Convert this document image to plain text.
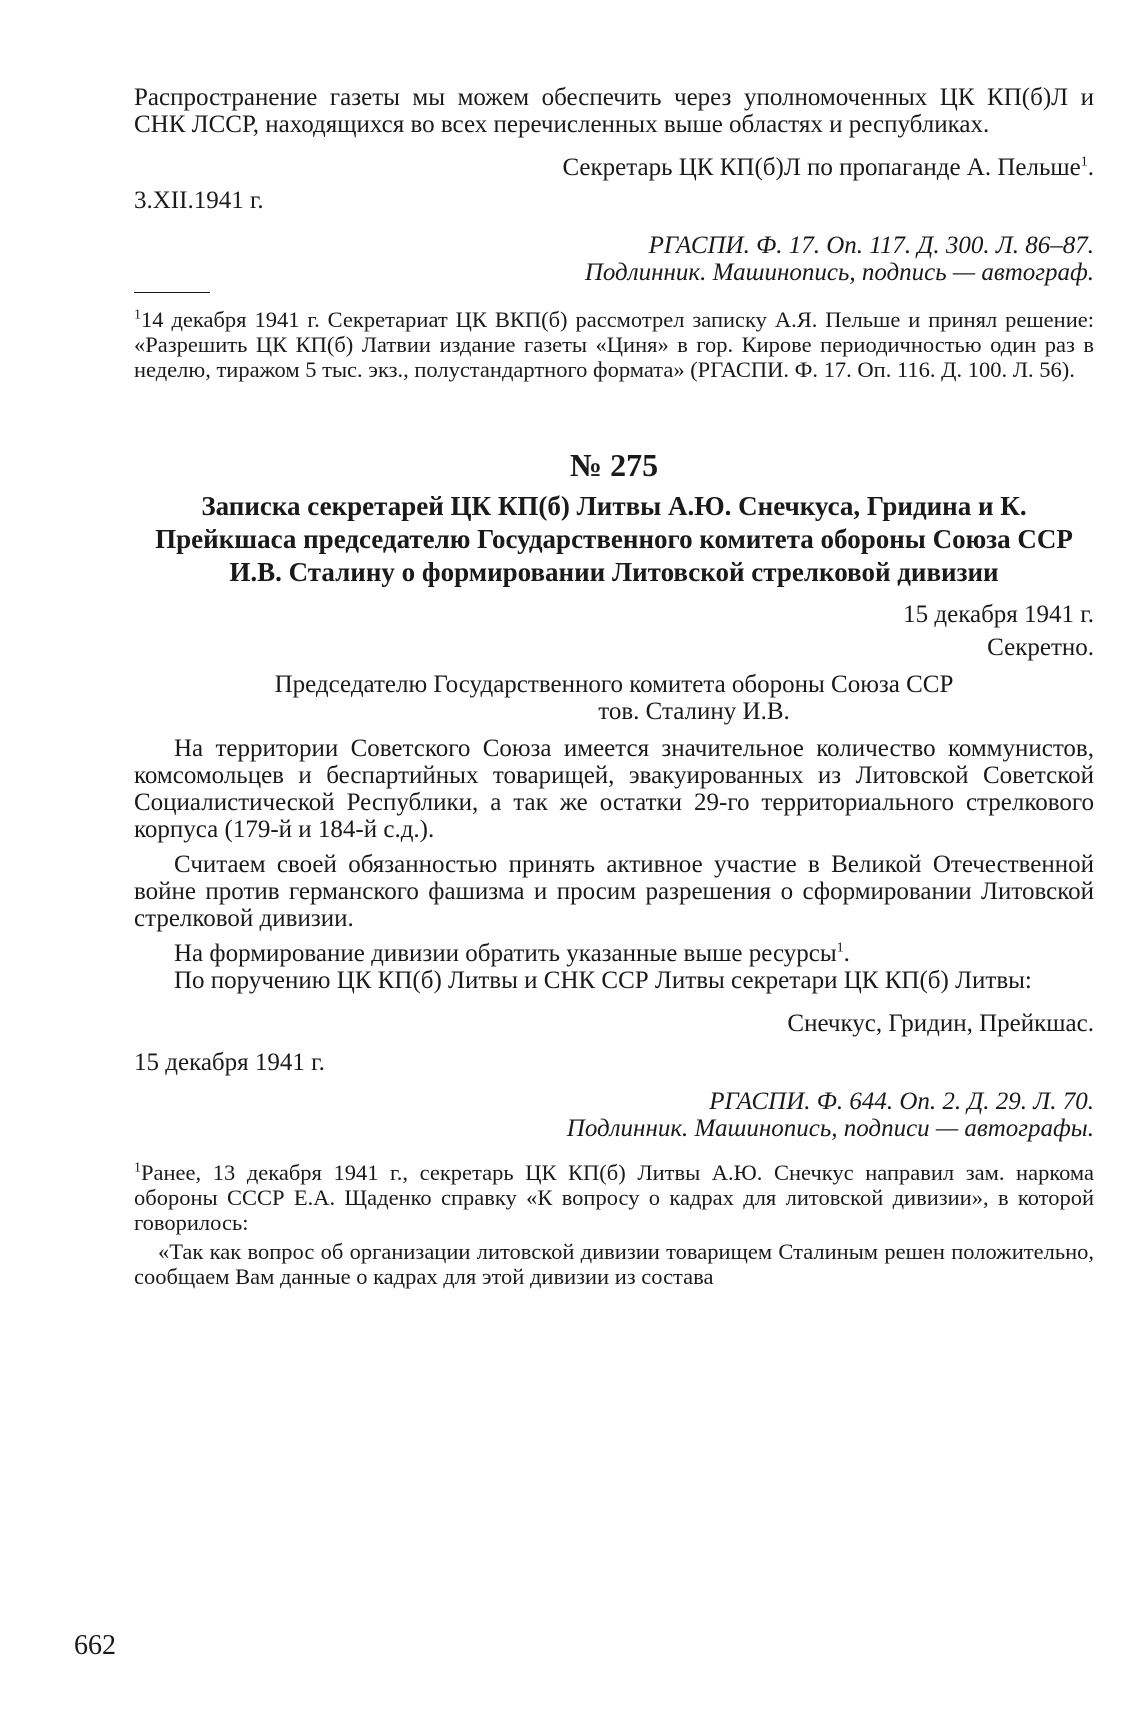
Распространение газеты мы можем обеспечить через уполномоченных ЦК КП(б)Л и СНК ЛССР, находящихся во всех перечисленных выше областях и республиках.

Секретарь ЦК КП(б)Л по пропаганде А. Пельше$^1$.

3.XII.1941 г.

РГАСПИ. Ф. 17. Оп. 117. Д. 300. Л. 86–87.

Подлинник. Машинопись, подпись — автограф.

$^1$14 декабря 1941 г. Секретариат ЦК ВКП(б) рассмотрел записку А.Я. Пельше и принял решение: «Разрешить ЦК КП(б) Латвии издание газеты «Циня» в гор. Кирове периодичностью один раз в неделю, тиражом 5 тыс. экз., полустандартного формата» (РГАСПИ. Ф. 17. Оп. 116. Д. 100. Л. 56).

№ 275

Записка секретарей ЦК КП(б) Литвы А.Ю. Снечкуса, Гридина и К. Прейкшаса председателю Государственного комитета обороны Союза ССР И.В. Сталину о формировании Литовской стрелковой дивизии

15 декабря 1941 г.

Секретно.

Председателю Государственного комитета обороны Союза ССР

тов. Сталину И.В.

На территории Советского Союза имеется значительное количество коммунистов, комсомольцев и беспартийных товарищей, эвакуированных из Литовской Советской Социалистической Республики, а так же остатки 29-го территориального стрелкового корпуса (179-й и 184-й с.д.).

Считаем своей обязанностью принять активное участие в Великой Отечественной войне против германского фашизма и просим разрешения о сформировании Литовской стрелковой дивизии.

На формирование дивизии обратить указанные выше ресурсы$^1$.

По поручению ЦК КП(б) Литвы и СНК ССР Литвы секретари ЦК КП(б) Литвы:

Снечкус, Гридин, Прейкшас.

15 декабря 1941 г.

РГАСПИ. Ф. 644. Оп. 2. Д. 29. Л. 70.

Подлинник. Машинопись, подписи — автографы.

$^1$Ранее, 13 декабря 1941 г., секретарь ЦК КП(б) Литвы А.Ю. Снечкус направил зам. наркома обороны СССР Е.А. Щаденко справку «К вопросу о кадрах для литовской дивизии», в которой говорилось:

«Так как вопрос об организации литовской дивизии товарищем Сталиным решен положительно, сообщаем Вам данные о кадрах для этой дивизии из состава

662
